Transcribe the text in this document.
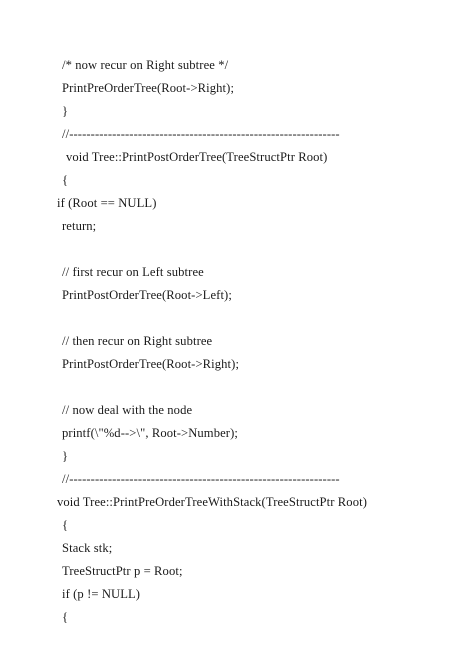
/* now recur on Right subtree */
PrintPreOrderTree(Root->Right);
}
//---------------------------------------------------------------
void Tree::PrintPostOrderTree(TreeStructPtr Root)
{
if (Root == NULL)
return;
// first recur on Left subtree
PrintPostOrderTree(Root->Left);
// then recur on Right subtree
PrintPostOrderTree(Root->Right);
// now deal with the node
printf(\"%d-->\", Root->Number);
}
//---------------------------------------------------------------
void Tree::PrintPreOrderTreeWithStack(TreeStructPtr Root)
{
Stack stk;
TreeStructPtr p = Root;
if (p != NULL)
{
